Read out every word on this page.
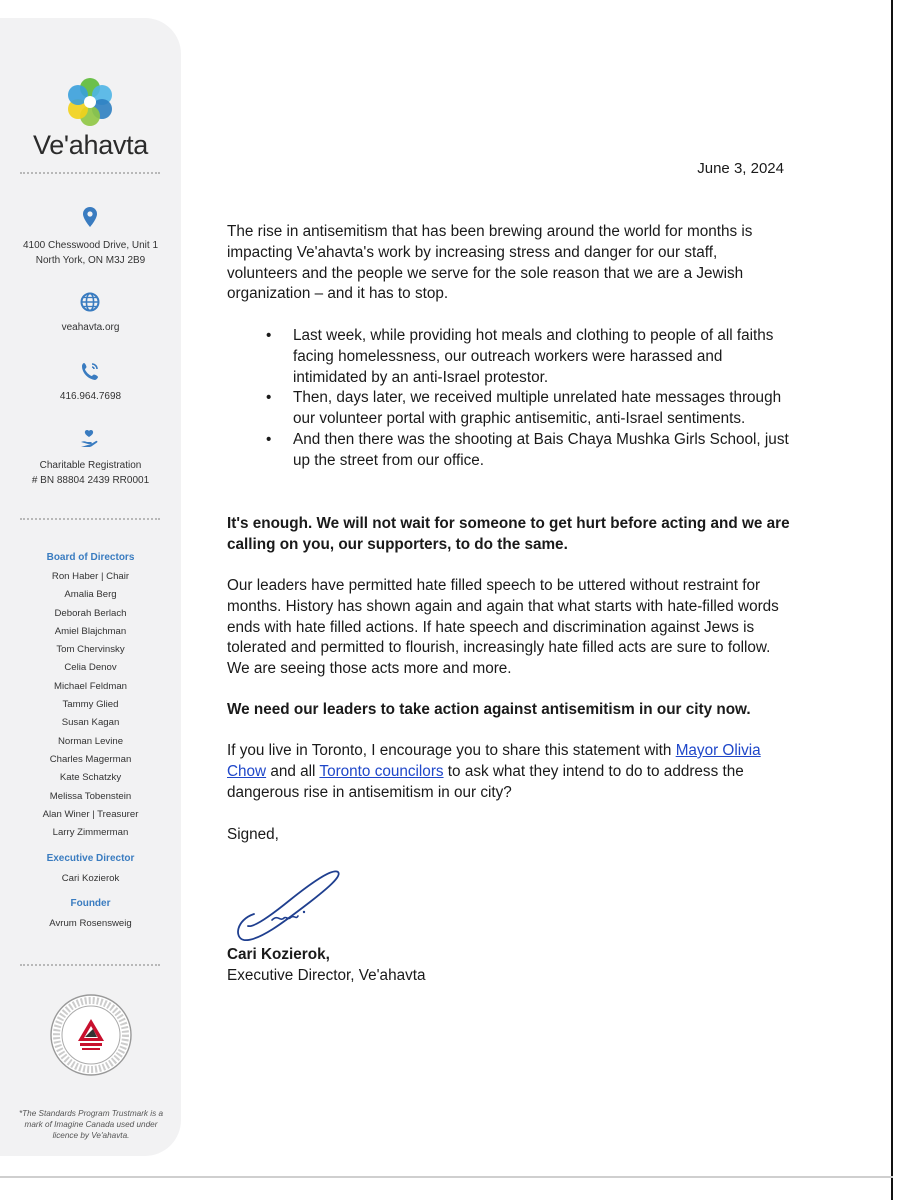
Ve'ahavta
4100 Chesswood Drive, Unit 1
North York, ON M3J 2B9
veahavta.org
416.964.7698
Charitable Registration
# BN 88804 2439 RR0001
Board of Directors
Ron Haber | Chair
Amalia Berg
Deborah Berlach
Amiel Blajchman
Tom Chervinsky
Celia Denov
Michael Feldman
Tammy Glied
Susan Kagan
Norman Levine
Charles Magerman
Kate Schatzky
Melissa Tobenstein
Alan Winer | Treasurer
Larry Zimmerman
Executive Director
Cari Kozierok
Founder
Avrum Rosensweig
*The Standards Program Trustmark is a mark of Imagine Canada used under licence by Ve'ahavta.
June 3, 2024
The rise in antisemitism that has been brewing around the world for months is impacting Ve'ahavta's work by increasing stress and danger for our staff, volunteers and the people we serve for the sole reason that we are a Jewish organization – and it has to stop.
• Last week, while providing hot meals and clothing to people of all faiths facing homelessness, our outreach workers were harassed and intimidated by an anti-Israel protestor.
• Then, days later, we received multiple unrelated hate messages through our volunteer portal with graphic antisemitic, anti-Israel sentiments.
• And then there was the shooting at Bais Chaya Mushka Girls School, just up the street from our office.
It's enough. We will not wait for someone to get hurt before acting and we are calling on you, our supporters, to do the same.
Our leaders have permitted hate filled speech to be uttered without restraint for months. History has shown again and again that what starts with hate-filled words ends with hate filled actions. If hate speech and discrimination against Jews is tolerated and permitted to flourish, increasingly hate filled acts are sure to follow. We are seeing those acts more and more.
We need our leaders to take action against antisemitism in our city now.
If you live in Toronto, I encourage you to share this statement with Mayor Olivia Chow and all Toronto councilors to ask what they intend to do to address the dangerous rise in antisemitism in our city?
Signed,
Cari Kozierok,
Executive Director, Ve'ahavta
